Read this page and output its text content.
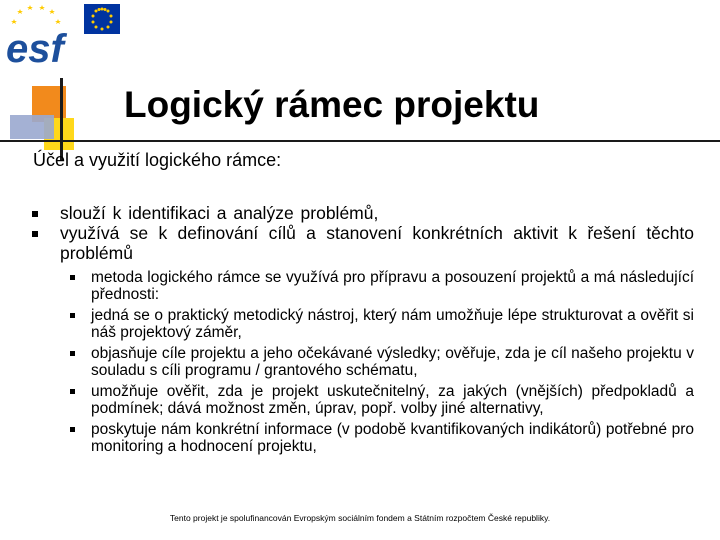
esf
Logický rámec projektu

Účel a využití logického rámce:

slouží k identifikaci a analýze problémů,
využívá se k definování cílů a stanovení konkrétních aktivit k řešení těchto problémů
metoda logického rámce se využívá pro přípravu a posouzení projektů a má následující přednosti:
jedná se o praktický metodický nástroj, který nám umožňuje lépe strukturovat a ověřit si náš projektový záměr,
objasňuje cíle projektu a jeho očekávané výsledky; ověřuje, zda je cíl našeho projektu v souladu s cíli programu / grantového schématu,
umožňuje ověřit, zda je projekt uskutečnitelný, za jakých (vnějších) předpokladů a podmínek; dává možnost změn, úprav, popř. volby jiné alternativy,
poskytuje nám konkrétní informace (v podobě kvantifikovaných indikátorů) potřebné pro monitoring a hodnocení projektu,

Tento projekt je spolufinancován Evropským sociálním fondem a Státním rozpočtem České republiky.
